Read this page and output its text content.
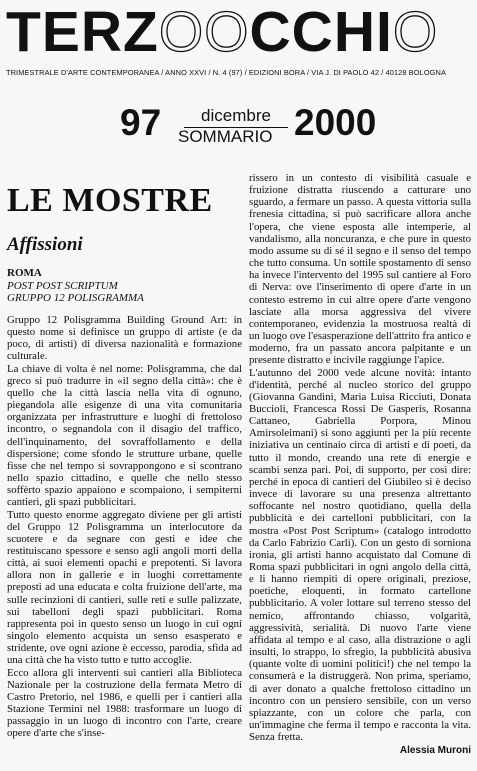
TERZOOCCHIO
TRIMESTRALE D'ARTE CONTEMPORANEA / ANNO XXVI / N. 4 (97) / EDIZIONI BORA / VIA J. DI PAOLO 42 / 40128 BOLOGNA
97	dicembre
SOMMARIO 2000
LE MOSTRE
Affissioni
ROMA
POST POST SCRIPTUM
GRUPPO 12 POLISGRAMMA
Gruppo 12 Polisgramma Building Ground Art: in questo nome si definisce un gruppo di artiste (e da poco, di artisti) di diversa nazionalità e formazione culturale.
La chiave di volta è nel nome: Polisgramma, che dal greco si può tradurre in «il segno della città»: che è quello che la città lascia nella vita di ognuno, piegandola alle esigenze di una vita comunitaria organizzata per infrastrutture e luoghi di frettoloso incontro, o segnandola con il disagio del traffico, dell'inquinamento, del sovraffollamento e della dispersione; come sfondo le strutture urbane, quelle fisse che nel tempo si sovrappongono e si scontrano nello spazio cittadino, e quelle che nello stesso soffèrto spazio appaiono e scompaiono, i sempiterni cantieri, gli spazi pubblicitari.
Tutto questo enorme aggregato diviene per gli artisti del Gruppo 12 Polisgramma un interlocutore da scuotere e da segnare con gesti e idee che restituiscano spessore e senso agli angoli morti della città, ai suoi elementi opachi e prepotenti. Si lavora allora non in gallerie e in luoghi correttamente preposti ad una educata e colta fruizione dell'arte, ma sulle recinzioni di cantieri, sulle reti e sulle palizzate, sui tabelloni degli spazi pubblicitari. Roma rappresenta poi in questo senso un luogo in cui ogni singolo elemento acquista un senso esasperato e stridente, ove ogni azione è eccesso, parodia, sfida ad una città che ha visto tutto e tutto accoglie.
Ecco allora gli interventi sui cantieri alla Biblioteca Nazionale per la costruzione della fermata Metro di Castro Pretorio, nel 1986, e quelli per i cantieri alla Stazione Termini nel 1988: trasformare un luogo di passaggio in un luogo di incontro con l'arte, creare opere d'arte che s'inse-
rissero in un contesto di visibilità casuale e fruizione distratta riuscendo a catturare uno sguardo, a fermare un passo. A questa vittoria sulla frenesia cittadina, si può sacrificare allora anche l'opera, che viene esposta alle intemperie, al vandalismo, alla noncuranza, e che pure in questo modo assume su di sé il segno e il senso del tempo che tutto consuma. Un sottile spostamento di senso ha invece l'intervento del 1995 sul cantiere al Foro di Nerva: ove l'inserimento di opere d'arte in un contesto estremo in cui altre opere d'arte vengono lasciate alla morsa aggressiva del vivere contemporaneo, evidenzia la mostruosa realtà di un luogo ove l'esasperazione dell'attrito fra antico e moderno, fra un passato ancora palpitante e un presente distratto e incivile raggiunge l'apice.
L'autunno del 2000 vede alcune novità: intanto d'identità, perché al nucleo storico del gruppo (Giovanna Gandini, Maria Luisa Ricciuti, Donata Buccioli, Francesca Rossi De Gasperis, Rosanna Cattaneo, Gabriella Porpora, Minou Amirsoleimani) si sono aggiunti per la più recente iniziativa un centinaio circa di artisti e di poeti, da tutto il mondo, creando una rete di energie e scambi senza pari. Poi, di supporto, per così dire: perché in epoca di cantieri del Giubileo si è deciso invece di lavorare su una presenza altrettanto soffocante nel nostro quotidiano, quella della pubblicità e dei cartelloni pubblicitari, con la mostra «Post Post Scriptum» (catalogo introdotto da Carlo Fabrizio Carli). Con un gesto di sorniona ironia, gli artisti hanno acquistato dal Comune di Roma spazi pubblicitari in ogni angolo della città, e li hanno riempiti di opere originali, preziose, poetiche, eloquenti, in formato cartellone pubblicitario. A voler lottare sul terreno stesso del nemico, affrontando chiasso, volgarità, aggressività, serialità. Di nuovo l'arte viene affidata al tempo e al caso, alla distrazione o agli insulti, lo strappo, lo sfregio, la pubblicità abusiva (quante volte di uomini politici!) che nel tempo la consumerà e la distruggerà. Non prima, speriamo, di aver donato a qualche frettoloso cittadino un incontro con un pensiero sensibile, con un verso spiazzante, con un colore che parla, con un'immagine che ferma il tempo e racconta la vita. Senza fretta.
Alessia Muroni
